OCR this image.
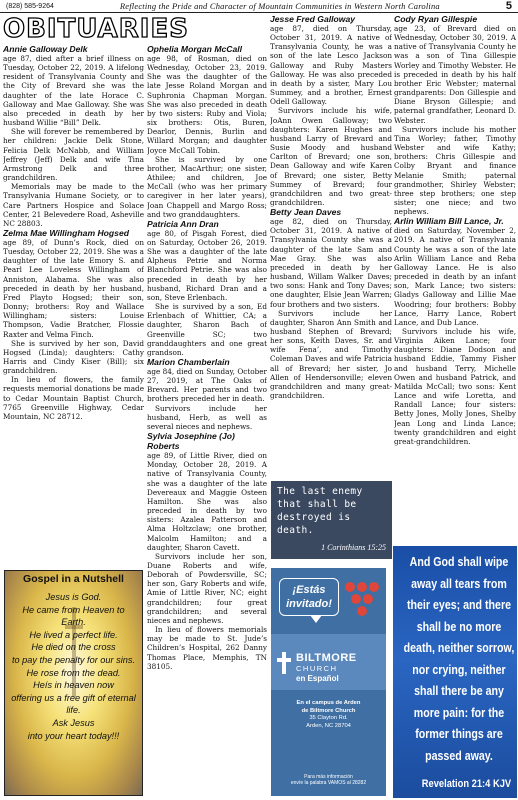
(828) 585-9264	Reflecting the Pride and Character of Mountain Communities in Western North Carolina	5
OBITUARIES
Annie Galloway Delk
age 87, died after a brief illness on Tuesday, October 22, 2019. A lifelong resident of Transylvania County and the City of Brevard she was the daughter of the late Horace C. Galloway and Mae Galloway. She was also preceded in death by her husband Willie “Bill” Delk.
She will forever be remembered by her children: Jackie Delk Stone, Felicia Delk McNabb, and William Jeffrey (Jeff) Delk and wife Tina Armstrong Delk and three grandchildren.
Memorials may be made to the Transylvania Humane Society, or to Care Partners Hospice and Solace Center, 21 Belevedere Road, Asheville NC 28803.
Zelma Mae Willingham Hogsed
age 89, of Dunn’s Rock, died on Tuesday, October 22, 2019. She was a daughter of the late Emory S. and Pearl Lee Loveless Willingham of Anniston, Alabama. She was also preceded in death by her husband, Fred Playto Hogsed; their son, Donny; brothers: Roy and Wallace Willingham; sisters: Louise Thompson, Vadie Bratcher, Flossie Raxter and Velma Finch.
She is survived by her son, David Hogsed (Linda); daughters: Cathy Harris and Cindy Kiser (Bill); six grandchildren.
In lieu of flowers, the family requests memorial donations be made to Cedar Mountain Baptist Church, 7765 Greenville Highway, Cedar Mountain, NC 28712.
Ophelia Morgan McCall
age 98, of Rosman, died on Wednesday, October 23, 2019. She was the daughter of the late Jesse Roland Morgan and Suphronia Chapman Morgan. She was also preceded in death by two sisters: Ruby and Viola; six brothers: Otis, Buren, Dearlor, Dennis, Burlin and Willard Morgan; and daughter Joyce McCall Tobin.
She is survived by one brother, MacArthur; one sister, Athilee; and children, Joe McCall (who was her primary caregiver in her later years), Joan Chappell and Margo Ross; and two granddaughters.
Patricia Ann Dran
age 80, of Pisgah Forest, died on Saturday, October 26, 2019. She was a daughter of the late Alpheus Petrie and Norma Blanchford Petrie. She was also preceded in death by her husband, Richard Dran and a son, Steve Erlenbach.
She is survived by a son, Ed Erlenbach of Whittier, CA; a daughter, Sharon Bach of Greenville SC; two granddaughters and one great grandson.
Marion Chamberlain
age 84, died on Sunday, October 27, 2019, at The Oaks of Brevard. Her parents and two brothers preceded her in death.
Survivors include her husband, Herb, as well as several nieces and nephews.
Sylvia Josephine (Jo) Roberts
age 89, of Little River, died on Monday, October 28, 2019. A native of Transylvania County, she was a daughter of the late Devereaux and Maggie Osteen Hamilton. She was also preceded in death by two sisters: Azalea Patterson and Alma Holtzclaw; one brother, Malcolm Hamilton; and a daughter, Sharon Cavett.
Survivors include her son, Duane Roberts and wife, Deborah of Powdersville, SC; her son, Gary Roberts and wife, Amie of Little River, NC; eight grandchildren; four great grandchildren; and several nieces and nephews.
In lieu of flowers memorials may be made to St. Jude’s Children’s Hospital, 262 Danny Thomas Place, Memphis, TN 38105.
Jesse Fred Galloway
age 87, died on Thursday, October 31, 2019. A native of Transylvania County, he was a son of the late Lesco Jackson Galloway and Ruby Masters Galloway. He was also preceded in death by a sister, Mary Lou Summey, and a brother, Ernest Odell Galloway.
Survivors include his wife, JoAnn Owen Galloway; two daughters: Karen Hughes and husband Larry of Brevard and Susie Moody and husband Carlton of Brevard; one son, Dean Galloway and wife Karen of Brevard; one sister, Betty Summey of Brevard; four grandchildren and two great-grandchildren.
Betty Jean Daves
age 82, died on Thursday, October 31, 2019. A native of Transylvania County she was a daughter of the late Sam and Mae Gray. She was also preceded in death by her husband, Willam Walker Daves; two sons: Hank and Tony Daves; one daughter, Elsie Jean Warren; four brothers and two sisters.
Survivors include her daughter, Sharon Ann Smith and husband Stephen of Brevard; her sons, Keith Daves, Sr. and wife Fena’, and Timothy Coleman Daves and wife Patricia all of Brevard; her sister, Jo Allen of Hendersonville; eleven grandchildren and many great-grandchildren.
Cody Ryan Gillespie
age 23, of Brevard died on Wednesday, October 30, 2019. A native of Transylvania County he was a son of Tina Gillespie Worley and Timothy Webster. He is preceded in death by his half brother Eric Webster; maternal grandparents: Don Gillespie and Diane Bryson Gillespie; and paternal grandfather, Leonard D. Webster.
Survivors include his mother Tina Worley; father, Timothy Webster and wife Kathy; brothers: Chris Gillespie and Colby Bryant and finance Melanie Smith; paternal grandmother, Shirley Webster; three step brothers; one step sister; one niece; and two nephews.
Arlin William Bill Lance, Jr.
died on Saturday, November 2, 2019. A native of Transylvania County he was a son of the late Arlin William Lance and Reba Galloway Lance. He is also preceded in death by an infant son, Mark Lance; two sisters: Gladys Galloway and Lillie Mae Woodring; four brothers: Bobby Lance, Harry Lance, Robert Lance, and Dub Lance.
Survivors include his wife, Virginia Aiken Lance; four daughters: Diane Dodson and husband Eddie, Tammy Fisher and husband Terry, Michelle Owen and husband Patrick, and Matilda McCall; two sons: Kent Lance and wife Loretta, and Randall Lance; four sisters: Betty Jones, Molly Jones, Shelby Jean Long and Linda Lance; twenty grandchildren and eight great-grandchildren.
Gospel in a Nutshell
Jesus is God.
He came from Heaven to Earth.
He lived a perfect life.
He died on the cross
to pay the penalty for our sins.
He rose from the dead.
Heís in heaven now
offering us a free gift of eternal
life.
Ask Jesus
into your heart today!!!
The last enemy that shall be destroyed is death.
1 Corinthians 15:25
¡Estás invitado!
BILTMORE
CHURCH
en Español
En el campus de Arden
de Biltmore Church
35 Clayton Rd.
Arden, NC 28704
Para más información
envíe la palabra VAMOS al 28282
And God shall wipe away all tears from their eyes; and there shall be no more death, neither sorrow, nor crying, neither shall there be any more pain: for the former things are passed away.
Revelation 21:4 KJV
